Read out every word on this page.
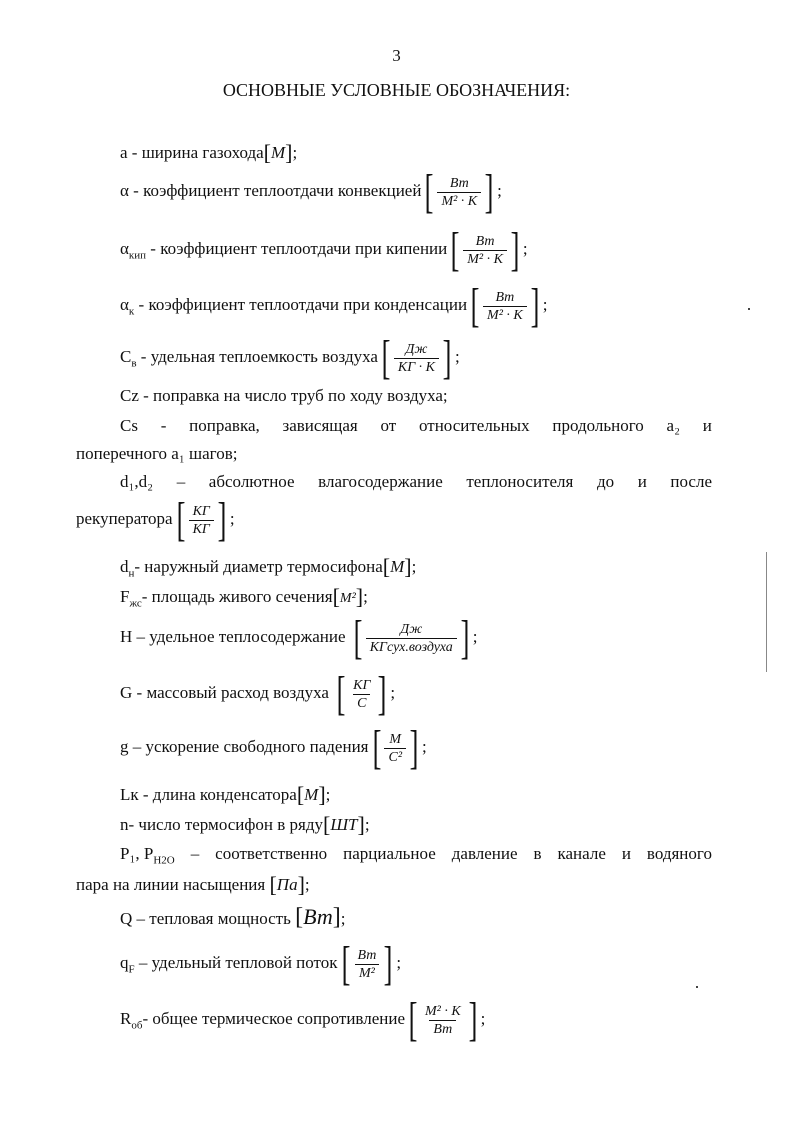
3
ОСНОВНЫЕ УСЛОВНЫЕ ОБОЗНАЧЕНИЯ:
a - ширина газохода[М];
α - коэффициент теплоотдачи конвекцией[ $\frac{Вт}{\text{М² · К}}$ ] ;
$\alpha_{кип}$ - коэффициент теплоотдачи при кипении[ $\frac{Вт}{\text{М² · К}}$ ] ;
$\alpha_к$ - коэффициент теплоотдачи при конденсации[ $\frac{Вт}{\text{М² · К}}$ ] ;
$С_в$ - удельная теплоемкость воздуха[ $\frac{Дж}{КГ \cdot К}$ ] ;
Cz - поправка на число труб по ходу воздуха;
Cs - поправка, зависящая от относительных продольного a₂ и
поперечного a₁ шагов;
d₁,d₂ – абсолютное влагосодержание теплоносителя до и после
рекуператора[ $\frac{КГ}{КГ}$ ] ;
$d_н-$ наружный диаметр термосифона[М];
$F_{жс}-$ площадь живого сечения[М²];
H – удельное теплосодержание [ $\frac{Дж}{\text{КГсух.воздуха}}$ ] ;
G - массовый расход воздуха [ $\frac{КГ}{С}$ ] ;
g – ускорение свободного падения[ $\frac{М}{\text{С²}}$ ] ;
Lк - длина конденсатора[М];
n- число термосифон в ряду[ШТ];
P₁, $P_{H2O}$ – соответственно парциальное давление в канале и водяного
пара на линии насыщения [Па];
Q – тепловая мощность [Вт];
$q_F$ – удельный тепловой поток[ $\frac{Вт}{\text{М²}}$ ] ;
$R_{об}-$ общее термическое сопротивление[ $\frac{\text{М² · К}}{Вт}$ ] ;
